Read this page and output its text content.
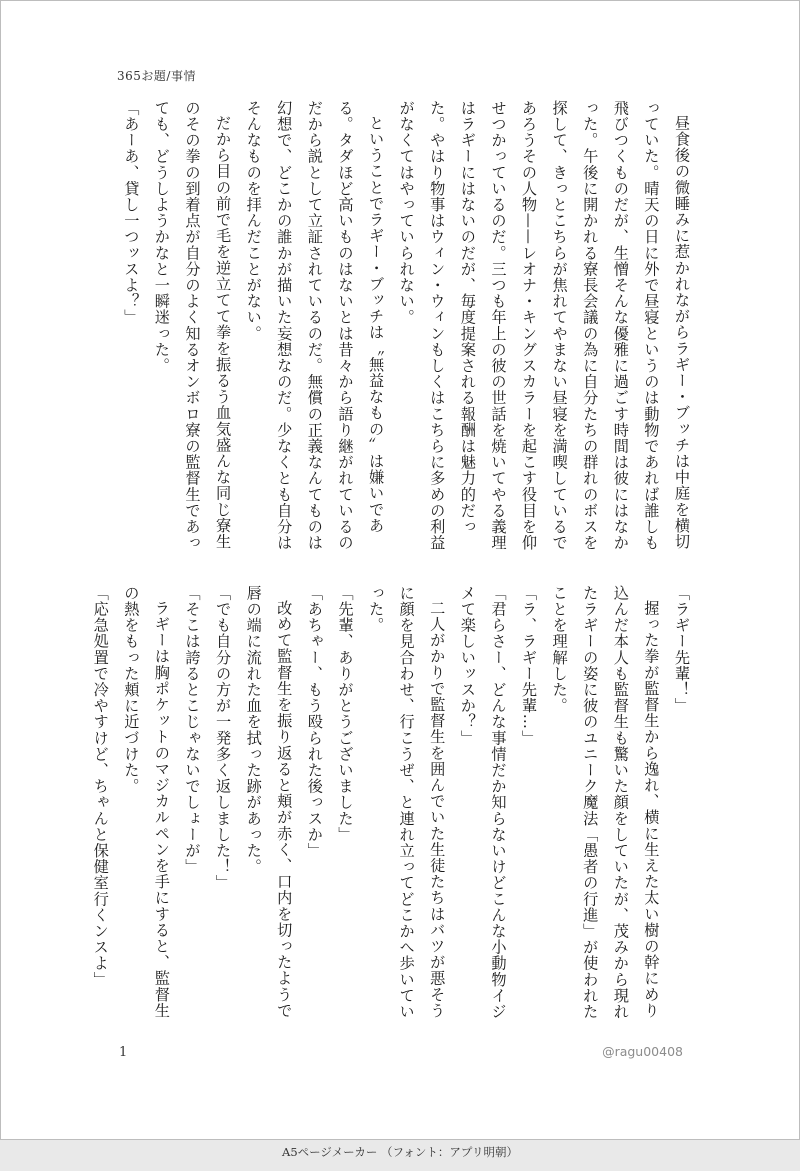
365お題/事情

昼食後の微睡みに惹かれながらラギー・ブッチは中庭を横切っていた。晴天の日に外で昼寝というのは動物であれば誰しも飛びつくものだが、生憎そんな優雅に過ごす時間は彼にはなかった。午後に開かれる寮長会議の為に自分たちの群れのボスを探して、きっとこちらが焦れてやまない昼寝を満喫しているであろうその人物——レオナ・キングスカラーを起こす役目を仰せつかっているのだ。三つも年上の彼の世話を焼いてやる義理はラギーにはないのだが、毎度提案される報酬は魅力的だった。やはり物事はウィン・ウィンもしくはこちらに多めの利益がなくてはやっていられない。

ということでラギー・ブッチは〝無益なもの〟は嫌いである。タダほど高いものはないとは昔々から語り継がれているのだから説として立証されているのだ。無償の正義なんてものは幻想で、どこかの誰かが描いた妄想なのだ。少なくとも自分はそんなものを拝んだことがない。

だから目の前で毛を逆立てて拳を振るう血気盛んな同じ寮生のその拳の到着点が自分のよく知るオンボロ寮の監督生であっても、どうしようかなと一瞬迷った。

「あーあ、貸し一つッスよ？」

「ラギー先輩！」

握った拳が監督生から逸れ、横に生えた太い樹の幹にめり込んだ本人も監督生も驚いた顔をしていたが、茂みから現れたラギーの姿に彼のユニーク魔法「愚者の行進」が使われたことを理解した。

「ラ、ラギー先輩…」

「君らさー、どんな事情だか知らないけどこんな小動物イジメて楽しいッスか？」

二人がかりで監督生を囲んでいた生徒たちはバツが悪そうに顔を見合わせ、行こうぜ、と連れ立ってどこかへ歩いていった。

「先輩、ありがとうございました」

「あちゃー、もう殴られた後っスか」

改めて監督生を振り返ると頬が赤く、口内を切ったようで唇の端に流れた血を拭った跡があった。

「でも自分の方が一発多く返しました！」

「そこは誇るとこじゃないでしょーが」

ラギーは胸ポケットのマジカルペンを手にすると、監督生の熱をもった頬に近づけた。

「応急処置で冷やすけど、ちゃんと保健室行くンスよ」

1	@ragu00408
A5ページメーカー （フォント：アプリ明朝）
